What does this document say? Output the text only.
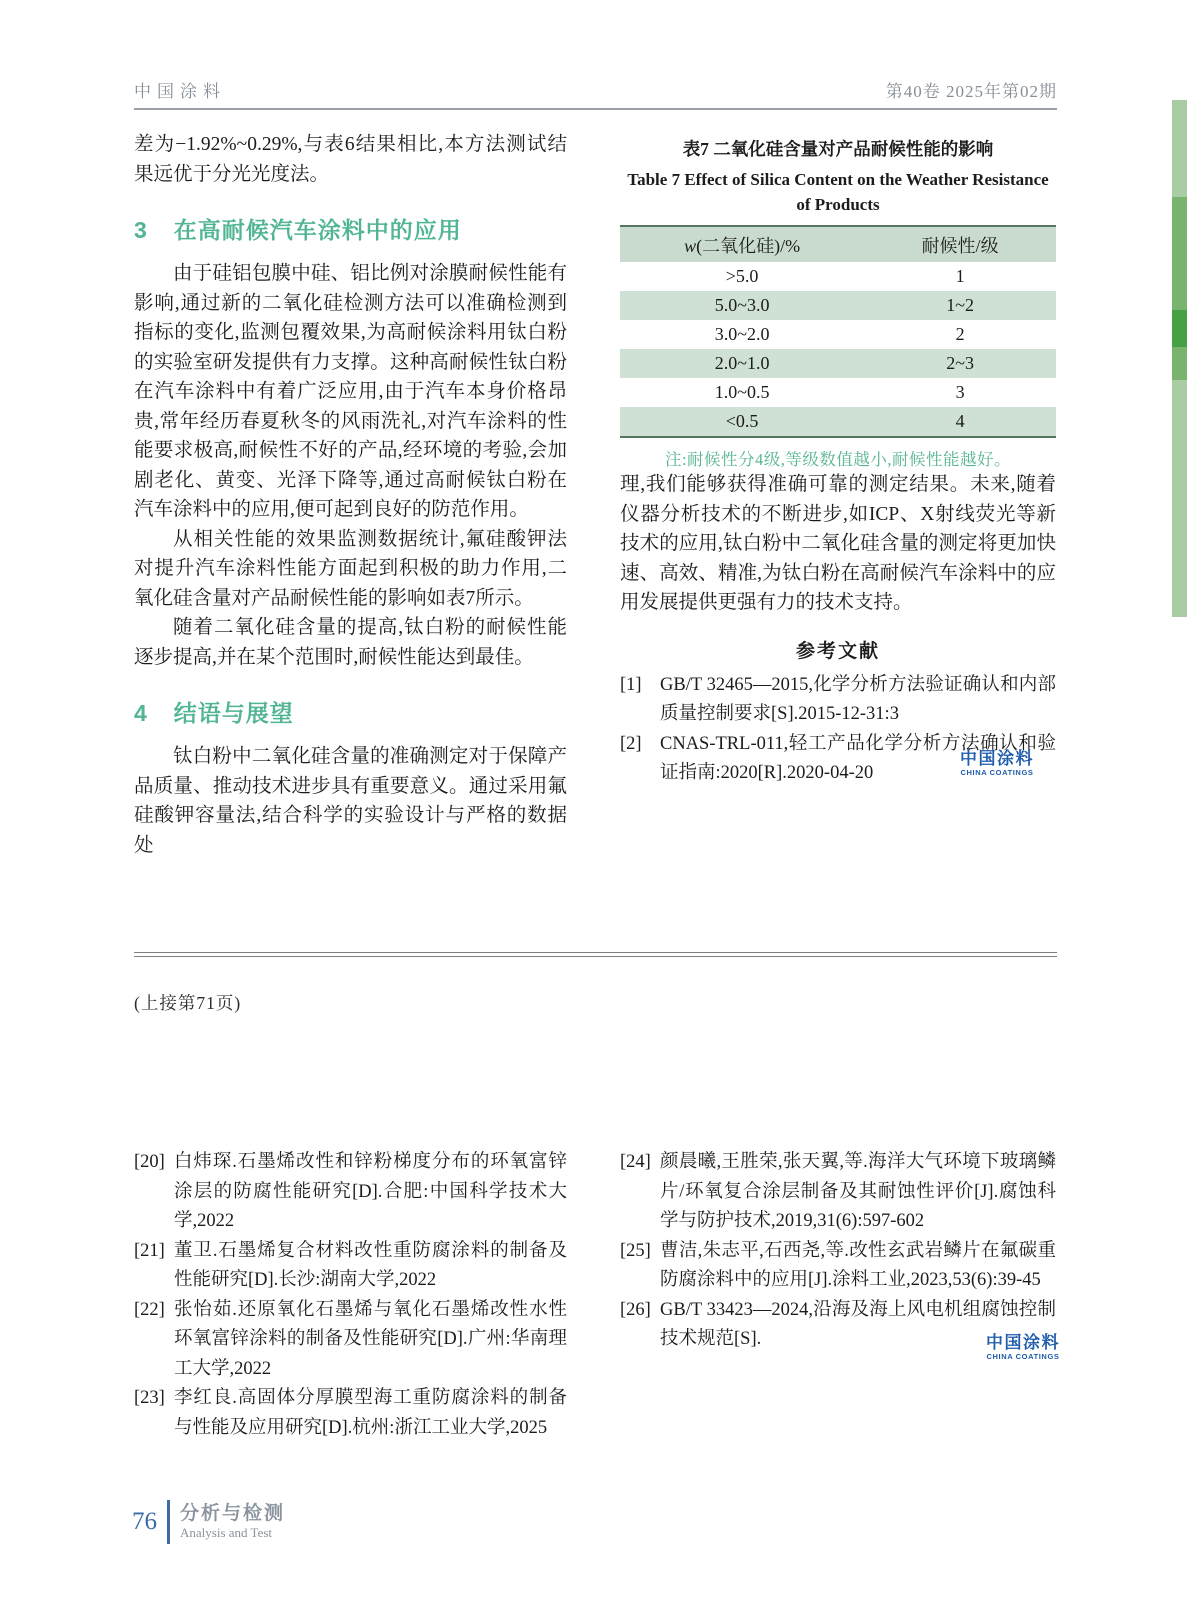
中国涂料	第40卷 2025年第02期

差为−1.92%~0.29%,与表6结果相比,本方法测试结果远优于分光光度法。

3 在高耐候汽车涂料中的应用

由于硅铝包膜中硅、铝比例对涂膜耐候性能有影响,通过新的二氧化硅检测方法可以准确检测到指标的变化,监测包覆效果,为高耐候涂料用钛白粉的实验室研发提供有力支撑。这种高耐候性钛白粉在汽车涂料中有着广泛应用,由于汽车本身价格昂贵,常年经历春夏秋冬的风雨洗礼,对汽车涂料的性能要求极高,耐候性不好的产品,经环境的考验,会加剧老化、黄变、光泽下降等,通过高耐候钛白粉在汽车涂料中的应用,便可起到良好的防范作用。

从相关性能的效果监测数据统计,氟硅酸钾法对提升汽车涂料性能方面起到积极的助力作用,二氧化硅含量对产品耐候性能的影响如表7所示。

随着二氧化硅含量的提高,钛白粉的耐候性能逐步提高,并在某个范围时,耐候性能达到最佳。

4 结语与展望

钛白粉中二氧化硅含量的准确测定对于保障产品质量、推动技术进步具有重要意义。通过采用氟硅酸钾容量法,结合科学的实验设计与严格的数据处

表7 二氧化硅含量对产品耐候性能的影响

Table 7 Effect of Silica Content on the Weather Resistance

of Products

w(二氧化硅)/%	耐候性/级
>5.0	1
5.0~3.0	1~2
3.0~2.0	2
2.0~1.0	2~3
1.0~0.5	3
<0.5	4

注:耐候性分4级,等级数值越小,耐候性能越好。

理,我们能够获得准确可靠的测定结果。未来,随着仪器分析技术的不断进步,如ICP、X射线荧光等新技术的应用,钛白粉中二氧化硅含量的测定将更加快速、高效、精准,为钛白粉在高耐候汽车涂料中的应用发展提供更强有力的技术支持。

参考文献

[1] GB/T 32465—2015,化学分析方法验证确认和内部质量控制要求[S].2015-12-31:3
[2] CNAS-TRL-011,轻工产品化学分析方法确认和验证指南:2020[R].2020-04-20
中国涂料
CHINA COATINGS
(上接第71页)
[20] 白炜琛.石墨烯改性和锌粉梯度分布的环氧富锌涂层的防腐性能研究[D].合肥:中国科学技术大学,2022
[21] 董卫.石墨烯复合材料改性重防腐涂料的制备及性能研究[D].长沙:湖南大学,2022
[22] 张怡茹.还原氧化石墨烯与氧化石墨烯改性水性环氧富锌涂料的制备及性能研究[D].广州:华南理工大学,2022
[23] 李红良.高固体分厚膜型海工重防腐涂料的制备与性能及应用研究[D].杭州:浙江工业大学,2025
[24] 颜晨曦,王胜荣,张天翼,等.海洋大气环境下玻璃鳞片/环氧复合涂层制备及其耐蚀性评价[J].腐蚀科学与防护技术,2019,31(6):597-602
[25] 曹洁,朱志平,石西尧,等.改性玄武岩鳞片在氟碳重防腐涂料中的应用[J].涂料工业,2023,53(6):39-45
[26] GB/T 33423—2024,沿海及海上风电机组腐蚀控制技术规范[S].	中国涂料
CHINA COATINGS
76 分析与检测
Analysis and Test
